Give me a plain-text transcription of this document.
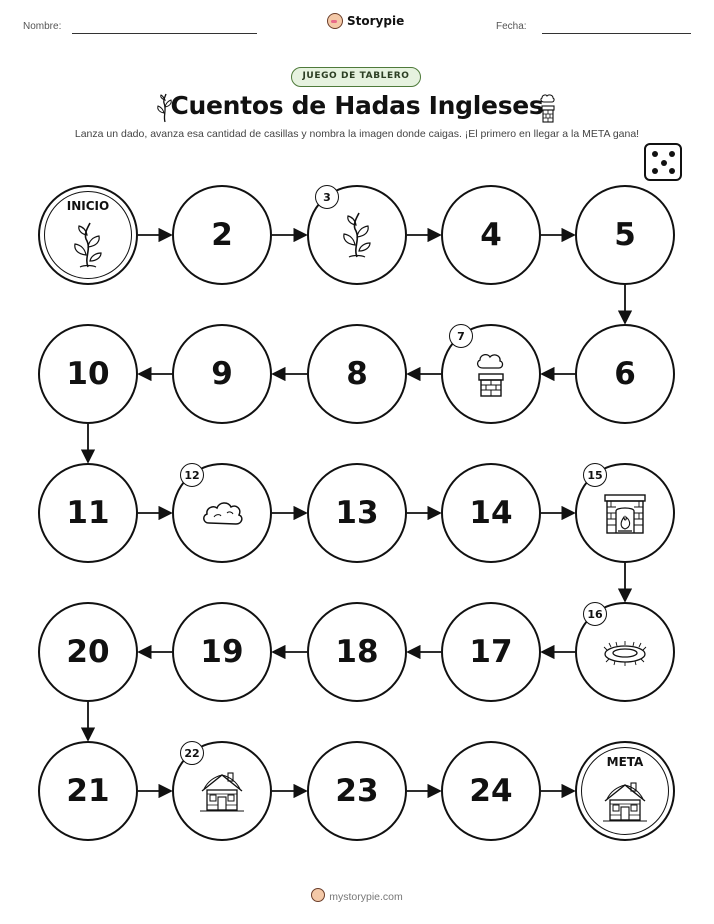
Nombre:	Storypie	Fecha:
JUEGO DE TABLERO
Cuentos de Hadas Ingleses
Lanza un dado, avanza esa cantidad de casillas y nombra la imagen donde caigas. ¡El primero en llegar a la META gana!
INICIO
2
3
4	5
6
7
8
9
10
11
12
13	14
15
16
17
18
19
20
21
22
23	24
META
mystorypie.com
